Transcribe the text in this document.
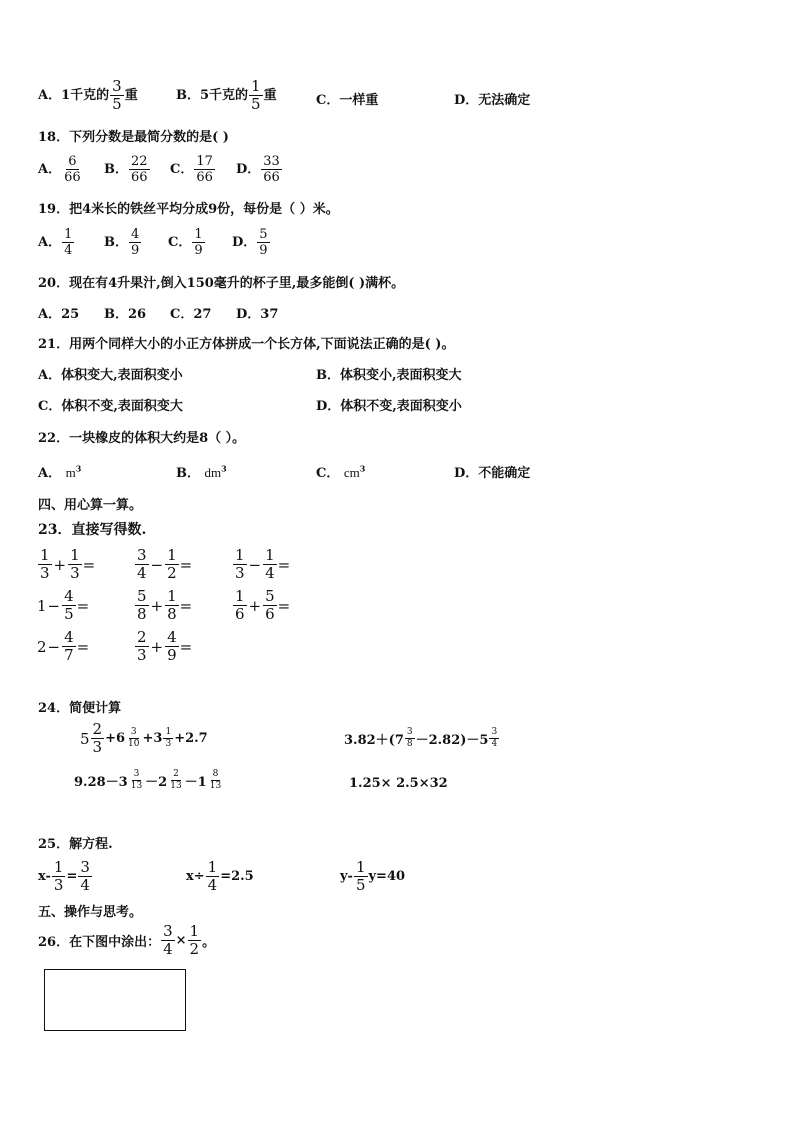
A．1千克的 $\frac{3}{5}$ 重	B．5千克的 $\frac{1}{5}$ 重	C．一样重	D．无法确定
18．下列分数是最简分数的是( )
A． $\frac{6}{66}$ B． $\frac{22}{66}$ C． $\frac{17}{66}$ D． $\frac{33}{66}$
19．把4米长的铁丝平均分成9份，每份是（ ）米。
A． $\frac{1}{4}$ B． $\frac{4}{9}$ C． $\frac{1}{9}$ D． $\frac{5}{9}$
20．现在有4升果汁,倒入150毫升的杯子里,最多能倒( )满杯。
A．25 B．26 C．27 D．37
21．用两个同样大小的小正方体拼成一个长方体,下面说法正确的是( )。
A．体积变大,表面积变小	B．体积变小,表面积变大
C．体积不变,表面积变大	D．体积不变,表面积变小
22．一块橡皮的体积大约是8（ ）。
A． $m^3$	B． $dm^3$	C． $cm^3$	D．不能确定
四、用心算一算。
23．直接写得数.
$\frac{1}{3} + \frac{1}{3}$ =	$\frac{3}{4} - \frac{1}{2}$ =	$\frac{1}{3} - \frac{1}{4}$ =
$1 - \frac{4}{5}$ =	$\frac{5}{8} + \frac{1}{8}$ =	$\frac{1}{6} + \frac{5}{6}$ =
$2 - \frac{4}{7}$ =	$\frac{2}{3} + \frac{4}{9}$ =
24．简便计算
$5 \frac{2}{3} +6 \frac{3}{10} +3 \frac{1}{3} +2.7$	$3.82+(7 \frac{3}{8} -2.82)-5 \frac{3}{4}$
$9.28-3 \frac{3}{13} -2 \frac{2}{13} -1 \frac{8}{13}$	1.25× 2.5×32
25．解方程.
$x- \frac{1}{3} = \frac{3}{4}$	$x\div \frac{1}{4} =2.5$	$y- \frac{1}{5} y=40$
五、操作与思考。
26．在下图中涂出： $\frac{3}{4} \times \frac{1}{2}$ 。
